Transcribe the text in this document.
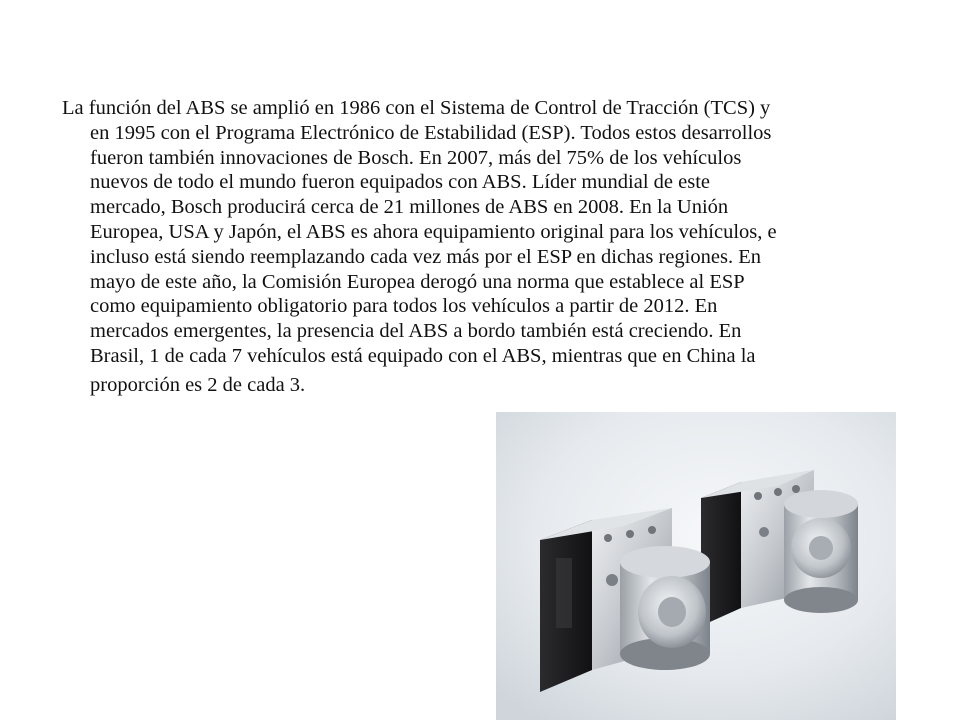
La función del ABS se amplió en 1986 con el Sistema de Control de Tracción (TCS) y
en 1995 con el Programa Electrónico de Estabilidad (ESP). Todos estos desarrollos
fueron también innovaciones de Bosch. En 2007, más del 75% de los vehículos
nuevos de todo el mundo fueron equipados con ABS. Líder mundial de este
mercado, Bosch producirá cerca de 21 millones de ABS en 2008. En la Unión
Europea, USA y Japón, el ABS es ahora equipamiento original para los vehículos, e
incluso está siendo reemplazando cada vez más por el ESP en dichas regiones. En
mayo de este año, la Comisión Europea derogó una norma que establece al ESP
como equipamiento obligatorio para todos los vehículos a partir de 2012. En
mercados emergentes, la presencia del ABS a bordo también está creciendo. En
Brasil, 1 de cada 7 vehículos está equipado con el ABS, mientras que en China la
proporción es 2 de cada 3.
